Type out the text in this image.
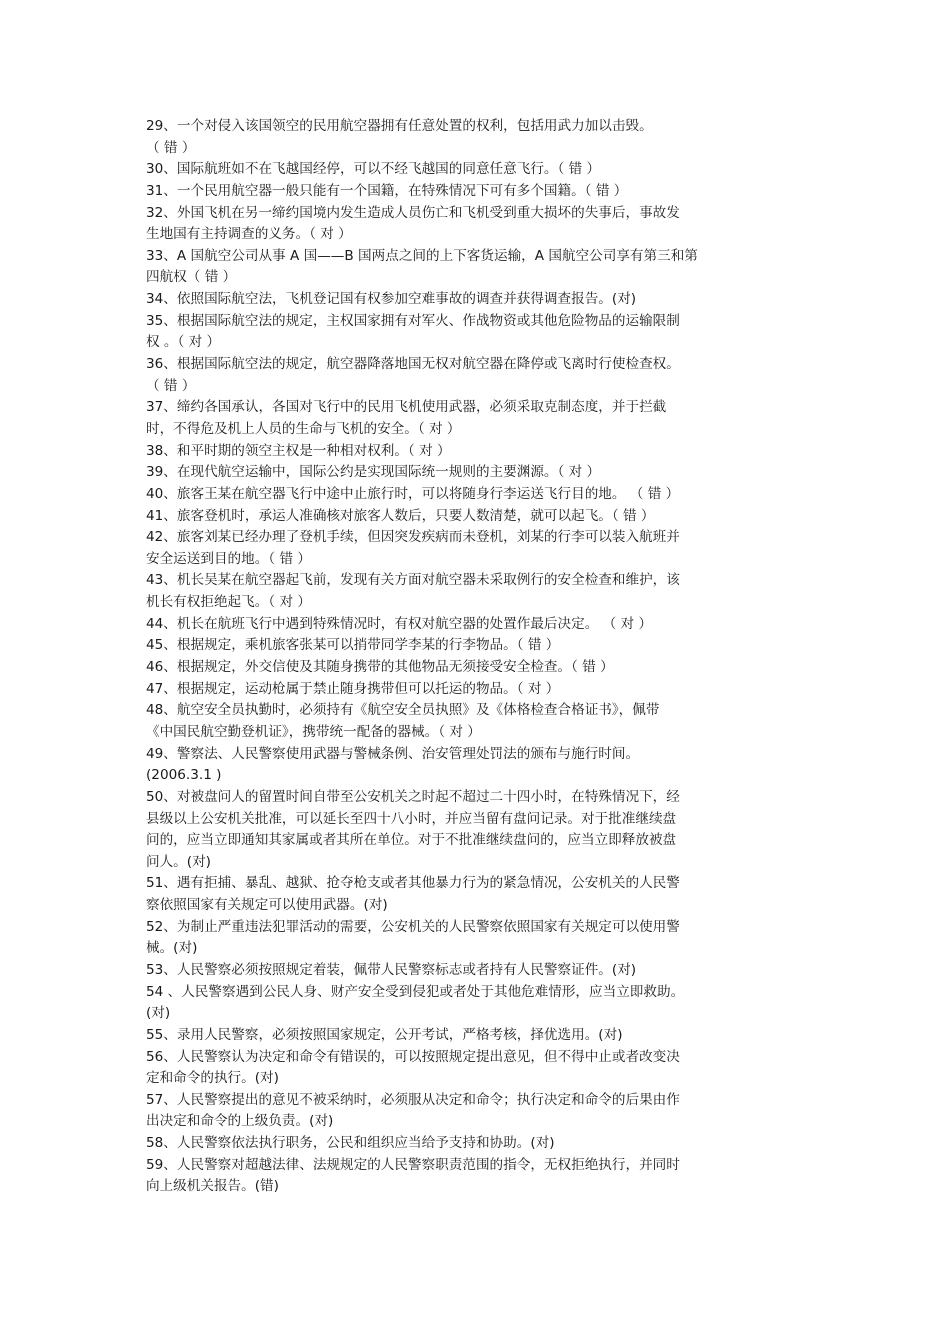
29、一个对侵入该国领空的民用航空器拥有任意处置的权利，包括用武力加以击毁。
（ 错 ）
30、国际航班如不在飞越国经停，可以不经飞越国的同意任意飞行。（ 错 ）
31、一个民用航空器一般只能有一个国籍，在特殊情况下可有多个国籍。（ 错 ）
32、外国飞机在另一缔约国境内发生造成人员伤亡和飞机受到重大损坏的失事后，事故发
生地国有主持调查的义务。（ 对 ）
33、A 国航空公司从事 A 国——B 国两点之间的上下客货运输，A 国航空公司享有第三和第
四航权（ 错 ）
34、依照国际航空法，飞机登记国有权参加空难事故的调查并获得调查报告。(对)
35、根据国际航空法的规定，主权国家拥有对军火、作战物资或其他危险物品的运输限制
权 。（ 对 ）
36、根据国际航空法的规定，航空器降落地国无权对航空器在降停或飞离时行使检查权。
（ 错 ）
37、缔约各国承认，各国对飞行中的民用飞机使用武器，必须采取克制态度，并于拦截
时，不得危及机上人员的生命与飞机的安全。（ 对 ）
38、和平时期的领空主权是一种相对权利。（ 对 ）
39、在现代航空运输中，国际公约是实现国际统一规则的主要渊源。（ 对 ）
40、旅客王某在航空器飞行中途中止旅行时，可以将随身行李运送飞行目的地。 （ 错 ）
41、旅客登机时，承运人准确核对旅客人数后，只要人数清楚，就可以起飞。（ 错 ）
42、旅客刘某已经办理了登机手续，但因突发疾病而未登机，刘某的行李可以装入航班并
安全运送到目的地。（ 错 ）
43、机长吴某在航空器起飞前，发现有关方面对航空器未采取例行的安全检查和维护，该
机长有权拒绝起飞。（ 对 ）
44、机长在航班飞行中遇到特殊情况时，有权对航空器的处置作最后决定。 （ 对 ）
45、根据规定，乘机旅客张某可以捎带同学李某的行李物品。（ 错 ）
46、根据规定，外交信使及其随身携带的其他物品无须接受安全检查。（ 错 ）
47、根据规定，运动枪属于禁止随身携带但可以托运的物品。（ 对 ）
48、航空安全员执勤时，必须持有《航空安全员执照》及《体格检查合格证书》，佩带
《中国民航空勤登机证》，携带统一配备的器械。（ 对 ）
49、警察法、人民警察使用武器与警械条例、治安管理处罚法的颁布与施行时间。
(2006.3.1 )
50、对被盘问人的留置时间自带至公安机关之时起不超过二十四小时，在特殊情况下，经
县级以上公安机关批准，可以延长至四十八小时，并应当留有盘问记录。对于批准继续盘
问的，应当立即通知其家属或者其所在单位。对于不批准继续盘问的，应当立即释放被盘
问人。(对)
51、遇有拒捕、暴乱、越狱、抢夺枪支或者其他暴力行为的紧急情况，公安机关的人民警
察依照国家有关规定可以使用武器。(对)
52、为制止严重违法犯罪活动的需要，公安机关的人民警察依照国家有关规定可以使用警
械。(对)
53、人民警察必须按照规定着装，佩带人民警察标志或者持有人民警察证件。(对)
54 、人民警察遇到公民人身、财产安全受到侵犯或者处于其他危难情形，应当立即救助。
(对)
55、录用人民警察，必须按照国家规定，公开考试，严格考核，择优选用。(对)
56、人民警察认为决定和命令有错误的，可以按照规定提出意见，但不得中止或者改变决
定和命令的执行。(对)
57、人民警察提出的意见不被采纳时，必须服从决定和命令；执行决定和命令的后果由作
出决定和命令的上级负责。(对)
58、人民警察依法执行职务，公民和组织应当给予支持和协助。(对)
59、人民警察对超越法律、法规规定的人民警察职责范围的指令，无权拒绝执行，并同时
向上级机关报告。(错)
